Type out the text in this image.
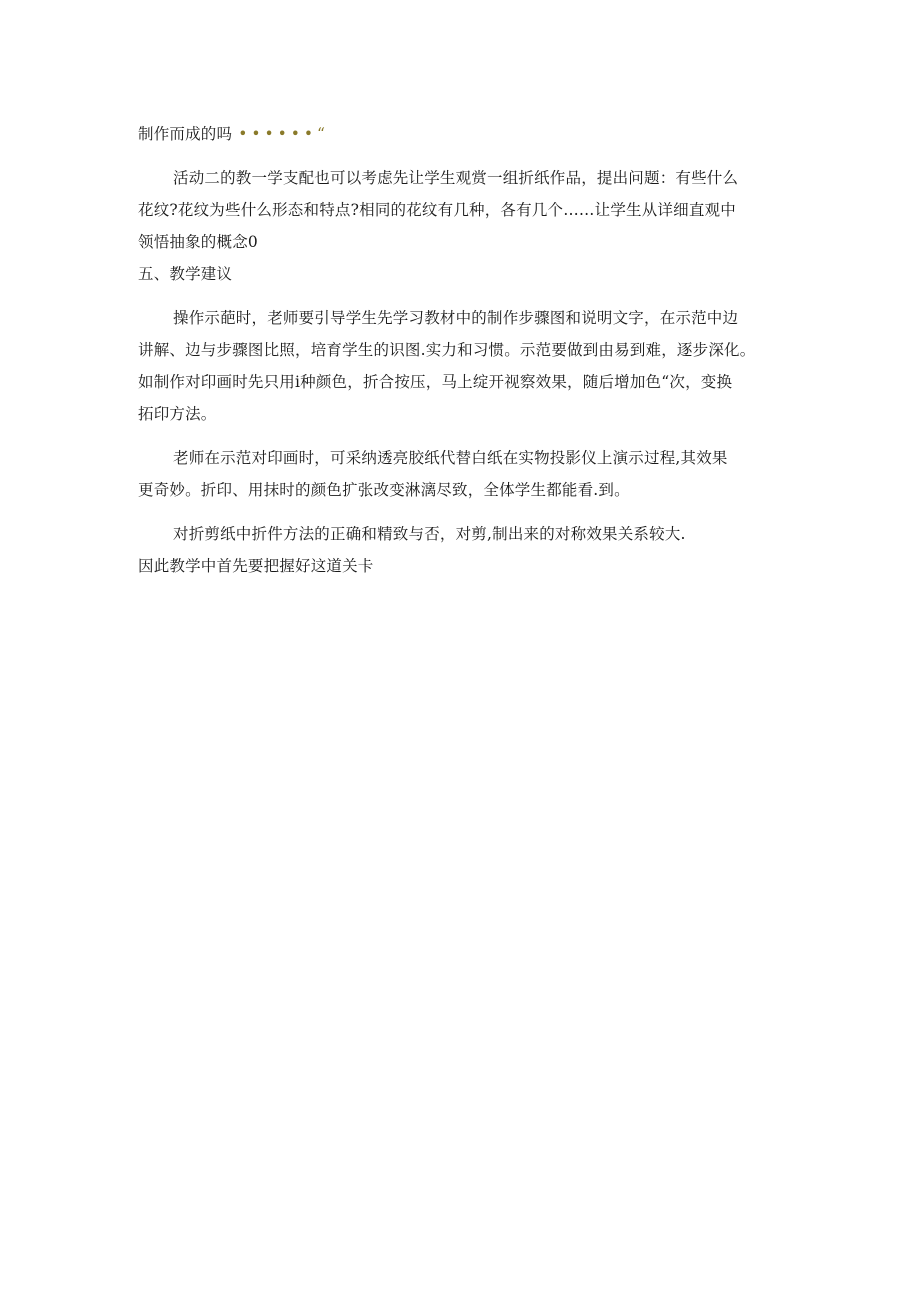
制作而成的吗 ••••••“
活动二的教一学支配也可以考虑先让学生观赏一组折纸作品，提出问题：有些什么
花纹?花纹为些什么形态和特点?相同的花纹有几种，各有几个……让学生从详细直观中
领悟抽象的概念0
五、教学建议
操作示葩时，老师要引导学生先学习教材中的制作步骤图和说明文字，在示范中边
讲解、边与步骤图比照，培育学生的识图.实力和习惯。示范要做到由易到难，逐步深化。
如制作对印画时先只用i种颜色，折合按压，马上绽开视察效果，随后增加色“次，变换
拓印方法。
老师在示范对印画时，可采纳透亮胶纸代替白纸在实物投影仪上演示过程,其效果
更奇妙。折印、用抹时的颜色扩张改变淋漓尽致，全体学生都能看.到。
对折剪纸中折件方法的正确和精致与否，对剪,制出来的对称效果关系较大.
因此教学中首先要把握好这道关卡
